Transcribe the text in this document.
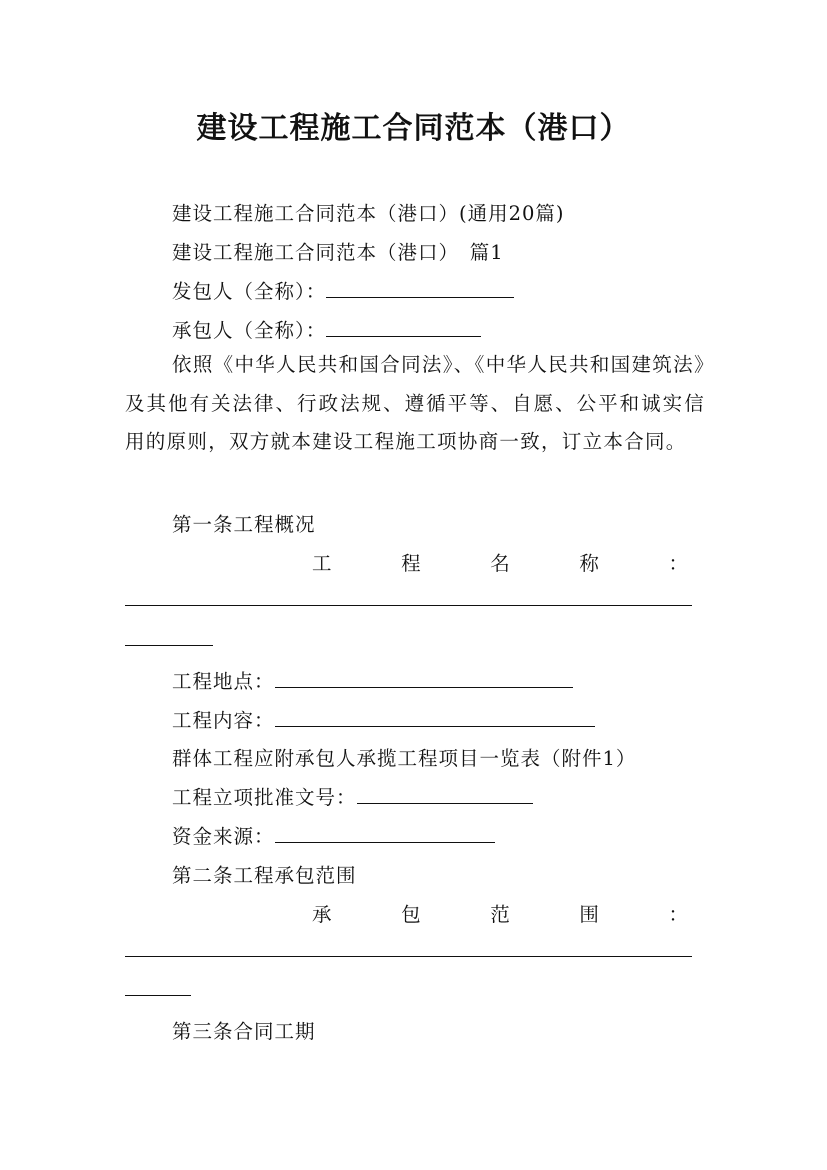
建设工程施工合同范本（港口）
建设工程施工合同范本（港口）(通用20篇)
建设工程施工合同范本（港口）　篇1
发包人（全称）：
承包人（全称）：

依照《中华人民共和国合同法》、《中华人民共和国建筑法》及其他有关法律、行政法规、遵循平等、自愿、公平和诚实信用的原则，双方就本建设工程施工项协商一致，订立本合同。

第一条工程概况
工	程	名	称	：
工程地点：
工程内容：
群体工程应附承包人承揽工程项目一览表（附件1）
工程立项批准文号：
资金来源：
第二条工程承包范围
承	包	范	围	：
第三条合同工期
